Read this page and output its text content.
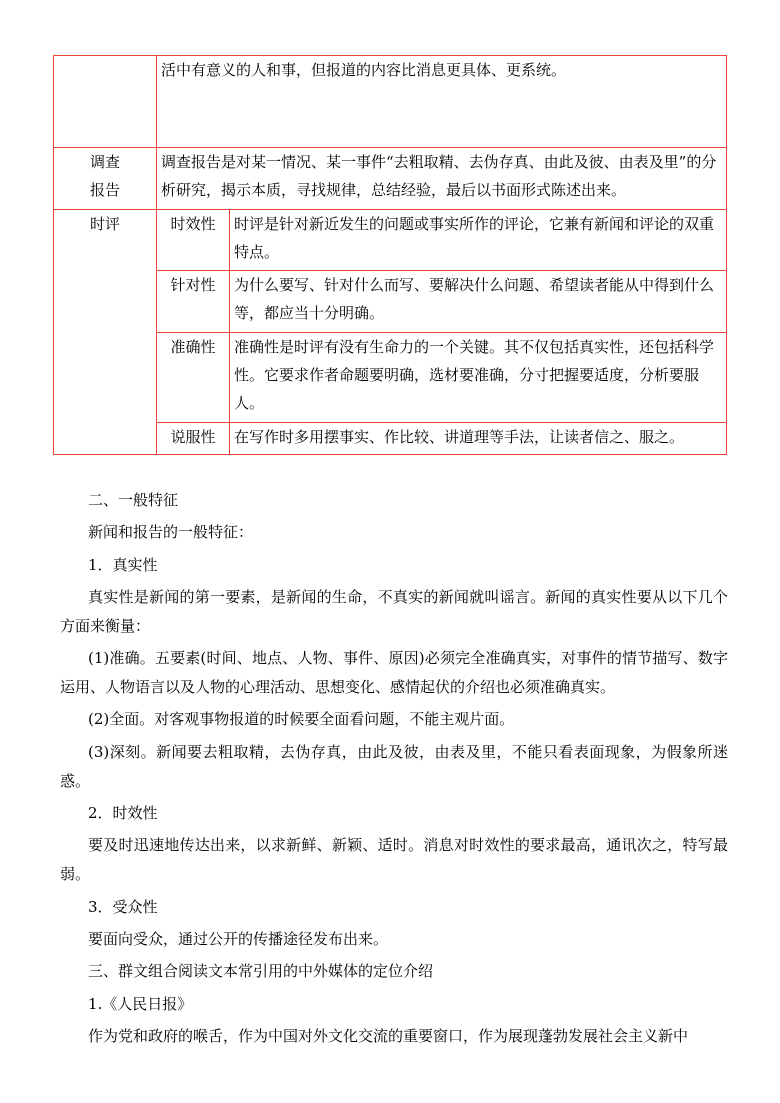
	活中有意义的人和事，但报道的内容比消息更具体、更系统。	

调查
报告	调查报告是对某一情况、某一事件“去粗取精、去伪存真、由此及彼、由表及里”的分析研究，揭示本质，寻找规律，总结经验，最后以书面形式陈述出来。	
时评	时效性	时评是针对新近发生的问题或事实所作的评论，它兼有新闻和评论的双重特点。
	针对性	为什么要写、针对什么而写、要解决什么问题、希望读者能从中得到什么等，都应当十分明确。
	准确性	准确性是时评有没有生命力的一个关键。其不仅包括真实性，还包括科学性。它要求作者命题要明确，选材要准确，分寸把握要适度，分析要服人。
	说服性	在写作时多用摆事实、作比较、讲道理等手法，让读者信之、服之。

二、一般特征

新闻和报告的一般特征：

1．真实性

真实性是新闻的第一要素，是新闻的生命，不真实的新闻就叫谣言。新闻的真实性要从以下几个方面来衡量：

(1)准确。五要素(时间、地点、人物、事件、原因)必须完全准确真实，对事件的情节描写、数字运用、人物语言以及人物的心理活动、思想变化、感情起伏的介绍也必须准确真实。

(2)全面。对客观事物报道的时候要全面看问题，不能主观片面。

(3)深刻。新闻要去粗取精，去伪存真，由此及彼，由表及里，不能只看表面现象，为假象所迷惑。

2．时效性

要及时迅速地传达出来，以求新鲜、新颖、适时。消息对时效性的要求最高，通讯次之，特写最弱。

3．受众性

要面向受众，通过公开的传播途径发布出来。

三、群文组合阅读文本常引用的中外媒体的定位介绍

1.《人民日报》

作为党和政府的喉舌，作为中国对外文化交流的重要窗口，作为展现蓬勃发展社会主义新中
